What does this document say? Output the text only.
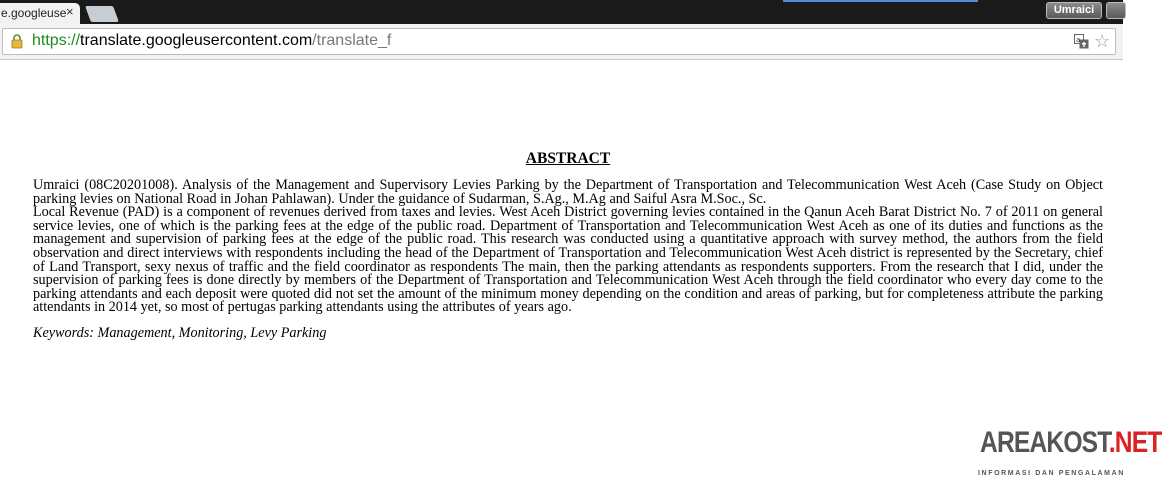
e.googleuse ×	Umraici
https://translate.googleusercontent.com/translate_f	a ☆
ABSTRACT

Umraici (08C20201008). Analysis of the Management and Supervisory Levies Parking by the Department of Transportation and Telecommunication West Aceh (Case Study on Object parking levies on National Road in Johan Pahlawan). Under the guidance of Sudarman, S.Ag., M.Ag and Saiful Asra M.Soc., Sc.

Local Revenue (PAD) is a component of revenues derived from taxes and levies. West Aceh District governing levies contained in the Qanun Aceh Barat District No. 7 of 2011 on general service levies, one of which is the parking fees at the edge of the public road. Department of Transportation and Telecommunication West Aceh as one of its duties and functions as the management and supervision of parking fees at the edge of the public road. This research was conducted using a quantitative approach with survey method, the authors from the field observation and direct interviews with respondents including the head of the Department of Transportation and Telecommunication West Aceh district is represented by the Secretary, chief of Land Transport, sexy nexus of traffic and the field coordinator as respondents The main, then the parking attendants as respondents supporters. From the research that I did, under the supervision of parking fees is done directly by members of the Department of Transportation and Telecommunication West Aceh through the field coordinator who every day come to the parking attendants and each deposit were quoted did not set the amount of the minimum money depending on the condition and areas of parking, but for completeness attribute the parking attendants in 2014 yet, so most of pertugas parking attendants using the attributes of years ago.

Keywords: Management, Monitoring, Levy Parking

AREAKOST.NET
INFORMASI DAN PENGALAMAN
